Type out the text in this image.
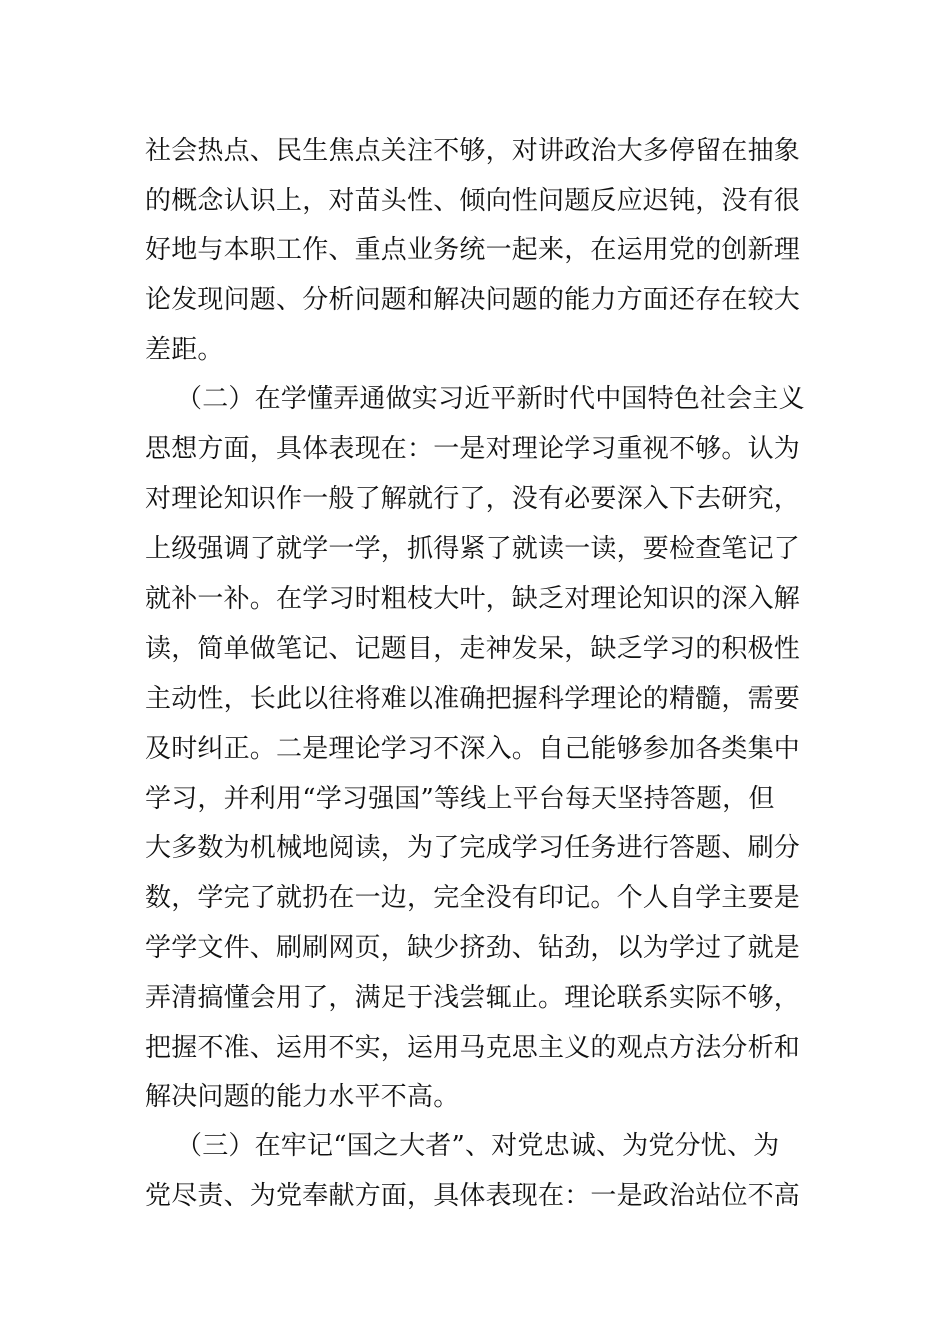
社会热点、民生焦点关注不够，对讲政治大多停留在抽象
的概念认识上，对苗头性、倾向性问题反应迟钝，没有很
好地与本职工作、重点业务统一起来，在运用党的创新理
论发现问题、分析问题和解决问题的能力方面还存在较大
差距。
（二）在学懂弄通做实习近平新时代中国特色社会主义
思想方面，具体表现在：一是对理论学习重视不够。认为
对理论知识作一般了解就行了，没有必要深入下去研究，
上级强调了就学一学，抓得紧了就读一读，要检查笔记了
就补一补。在学习时粗枝大叶，缺乏对理论知识的深入解
读，简单做笔记、记题目，走神发呆，缺乏学习的积极性
主动性，长此以往将难以准确把握科学理论的精髓，需要
及时纠正。二是理论学习不深入。自己能够参加各类集中
学习，并利用“学习强国”等线上平台每天坚持答题，但
大多数为机械地阅读，为了完成学习任务进行答题、刷分
数，学完了就扔在一边，完全没有印记。个人自学主要是
学学文件、刷刷网页，缺少挤劲、钻劲，以为学过了就是
弄清搞懂会用了，满足于浅尝辄止。理论联系实际不够，
把握不准、运用不实，运用马克思主义的观点方法分析和
解决问题的能力水平不高。
（三）在牢记“国之大者”、对党忠诚、为党分忧、为
党尽责、为党奉献方面，具体表现在：一是政治站位不高
